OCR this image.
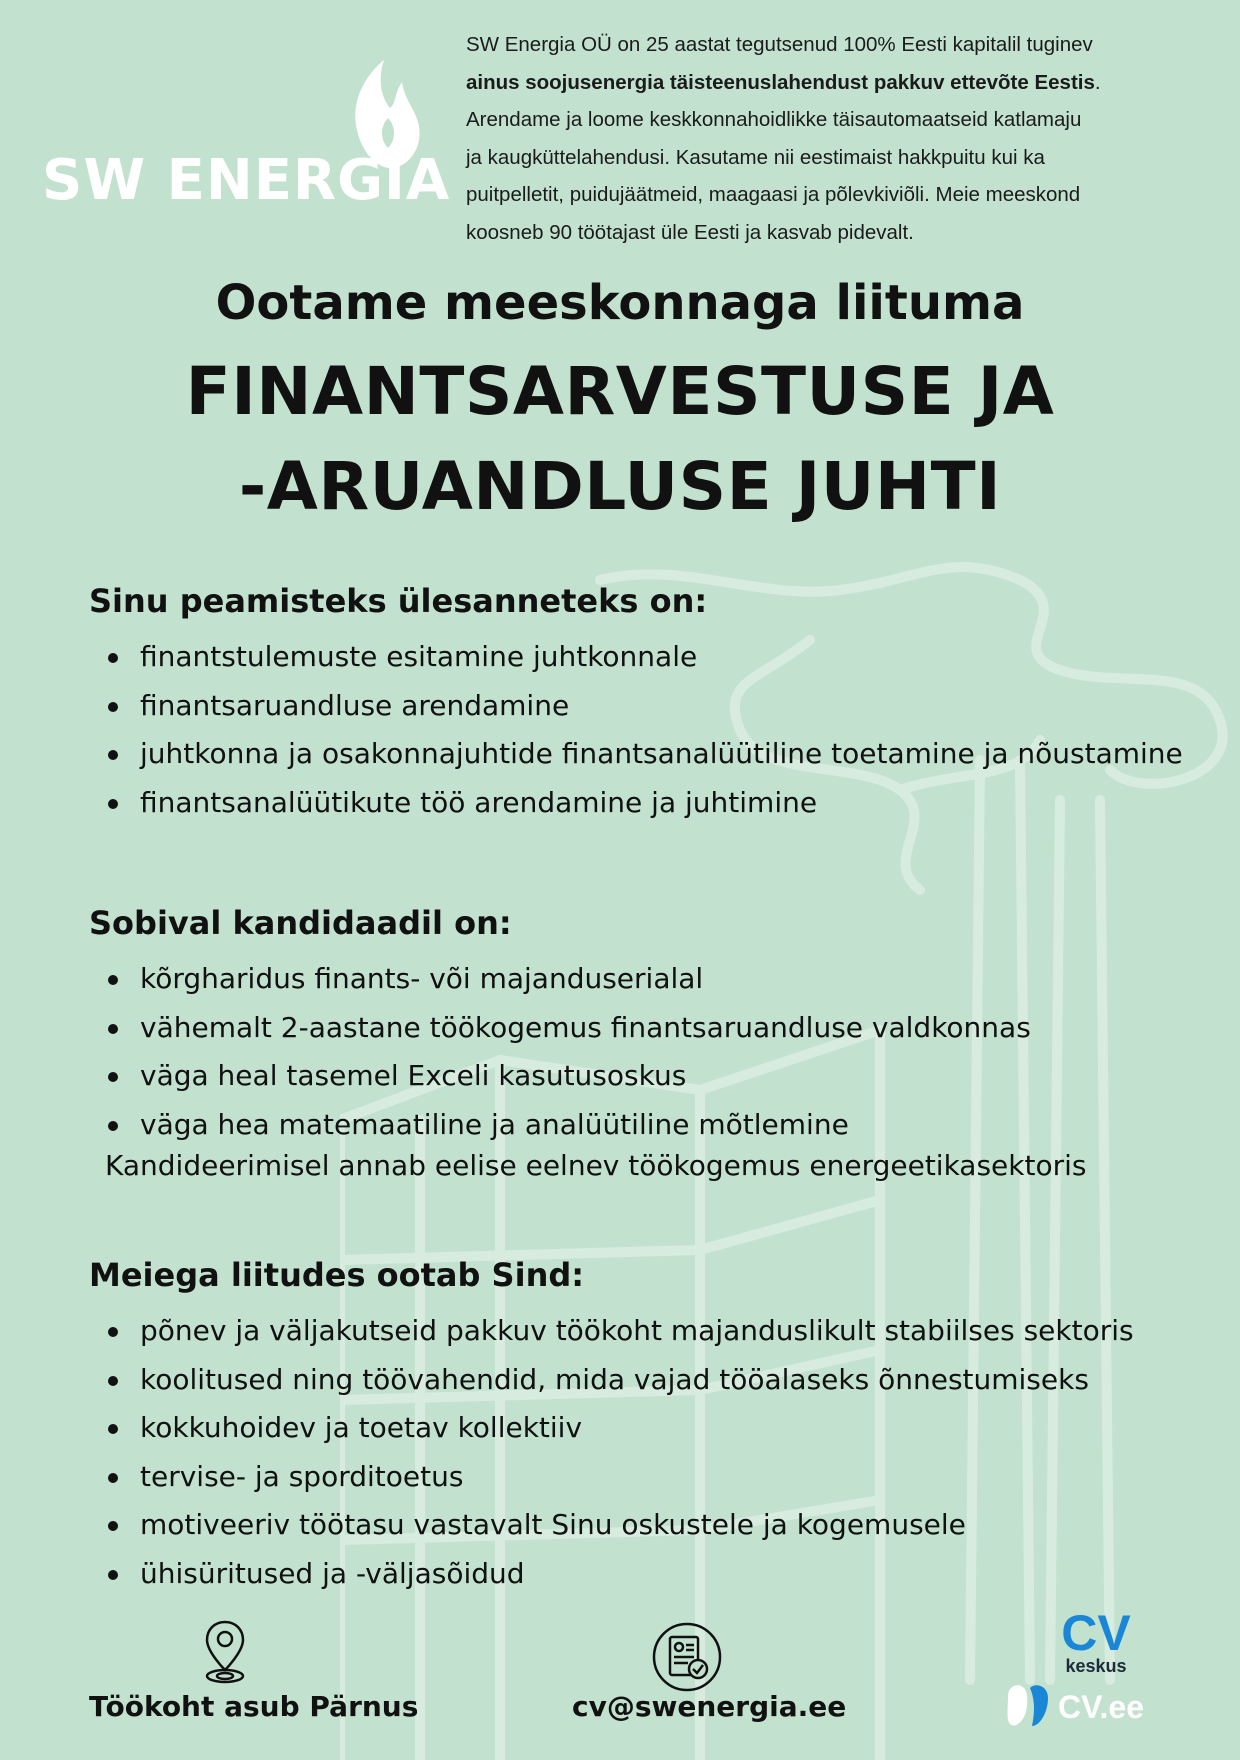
SW ENERGIA
SW Energia OÜ on 25 aastat tegutsenud 100% Eesti kapitalil tuginev
ainus soojusenergia täisteenuslahendust pakkuv ettevõte Eestis.
Arendame ja loome keskkonnahoidlikke täisautomaatseid katlamaju
ja kaugküttelahendusi. Kasutame nii eestimaist hakkpuitu kui ka
puitpelletit, puidujäätmeid, maagaasi ja põlevkiviõli. Meie meeskond
koosneb 90 töötajast üle Eesti ja kasvab pidevalt.
Ootame meeskonnaga liituma
FINANTSARVESTUSE JA
-ARUANDLUSE JUHTI
Sinu peamisteks ülesanneteks on:
finantstulemuste esitamine juhtkonnale
finantsaruandluse arendamine
juhtkonna ja osakonnajuhtide finantsanalüütiline toetamine ja nõustamine
finantsanalüütikute töö arendamine ja juhtimine
Sobival kandidaadil on:
kõrgharidus finants- või majanduserialal
vähemalt 2-aastane töökogemus finantsaruandluse valdkonnas
väga heal tasemel Exceli kasutusoskus
väga hea matemaatiline ja analüütiline mõtlemine
Kandideerimisel annab eelise eelnev töökogemus energeetikasektoris
Meiega liitudes ootab Sind:
põnev ja väljakutseid pakkuv töökoht majanduslikult stabiilses sektoris
koolitused ning töövahendid, mida vajad tööalaseks õnnestumiseks
kokkuhoidev ja toetav kollektiiv
tervise- ja sporditoetus
motiveeriv töötasu vastavalt Sinu oskustele ja kogemusele
ühisüritused ja -väljasõidud
Töökoht asub Pärnus	cv@swenergia.ee
CV
keskus
CV.ee
